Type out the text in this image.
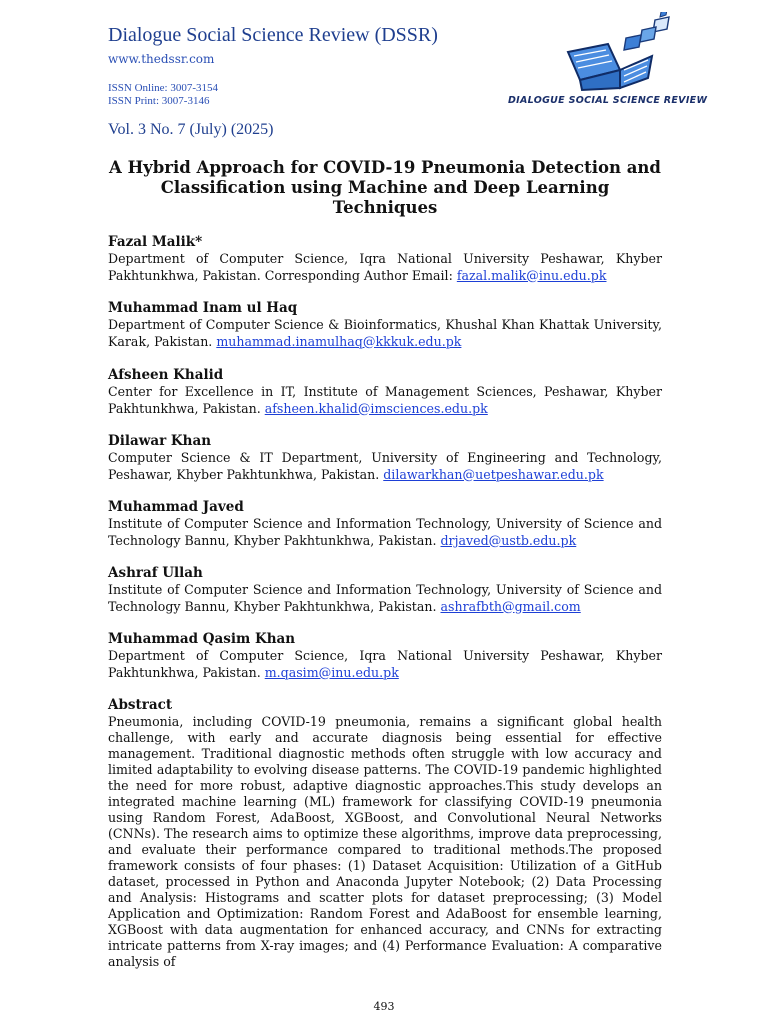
Dialogue Social Science Review (DSSR)
www.thedssr.com
ISSN Online: 3007-3154
ISSN Print: 3007-3146
Vol. 3 No. 7 (July) (2025)
DIALOGUE SOCIAL SCIENCE REVIEW
A Hybrid Approach for COVID-19 Pneumonia Detection and Classification using Machine and Deep Learning Techniques
Fazal Malik*
Department of Computer Science, Iqra National University Peshawar, Khyber Pakhtunkhwa, Pakistan. Corresponding Author Email: fazal.malik@inu.edu.pk
Muhammad Inam ul Haq
Department of Computer Science & Bioinformatics, Khushal Khan Khattak University, Karak, Pakistan. muhammad.inamulhaq@kkkuk.edu.pk
Afsheen Khalid
Center for Excellence in IT, Institute of Management Sciences, Peshawar, Khyber Pakhtunkhwa, Pakistan. afsheen.khalid@imsciences.edu.pk
Dilawar Khan
Computer Science & IT Department, University of Engineering and Technology, Peshawar, Khyber Pakhtunkhwa, Pakistan. dilawarkhan@uetpeshawar.edu.pk
Muhammad Javed
Institute of Computer Science and Information Technology, University of Science and Technology Bannu, Khyber Pakhtunkhwa, Pakistan. drjaved@ustb.edu.pk
Ashraf Ullah
Institute of Computer Science and Information Technology, University of Science and Technology Bannu, Khyber Pakhtunkhwa, Pakistan. ashrafbth@gmail.com
Muhammad Qasim Khan
Department of Computer Science, Iqra National University Peshawar, Khyber Pakhtunkhwa, Pakistan. m.qasim@inu.edu.pk
Abstract
Pneumonia, including COVID-19 pneumonia, remains a significant global health challenge, with early and accurate diagnosis being essential for effective management. Traditional diagnostic methods often struggle with low accuracy and limited adaptability to evolving disease patterns. The COVID-19 pandemic highlighted the need for more robust, adaptive diagnostic approaches.This study develops an integrated machine learning (ML) framework for classifying COVID-19 pneumonia using Random Forest, AdaBoost, XGBoost, and Convolutional Neural Networks (CNNs). The research aims to optimize these algorithms, improve data preprocessing, and evaluate their performance compared to traditional methods.The proposed framework consists of four phases: (1) Dataset Acquisition: Utilization of a GitHub dataset, processed in Python and Anaconda Jupyter Notebook; (2) Data Processing and Analysis: Histograms and scatter plots for dataset preprocessing; (3) Model Application and Optimization: Random Forest and AdaBoost for ensemble learning, XGBoost with data augmentation for enhanced accuracy, and CNNs for extracting intricate patterns from X-ray images; and (4) Performance Evaluation: A comparative analysis of
493
